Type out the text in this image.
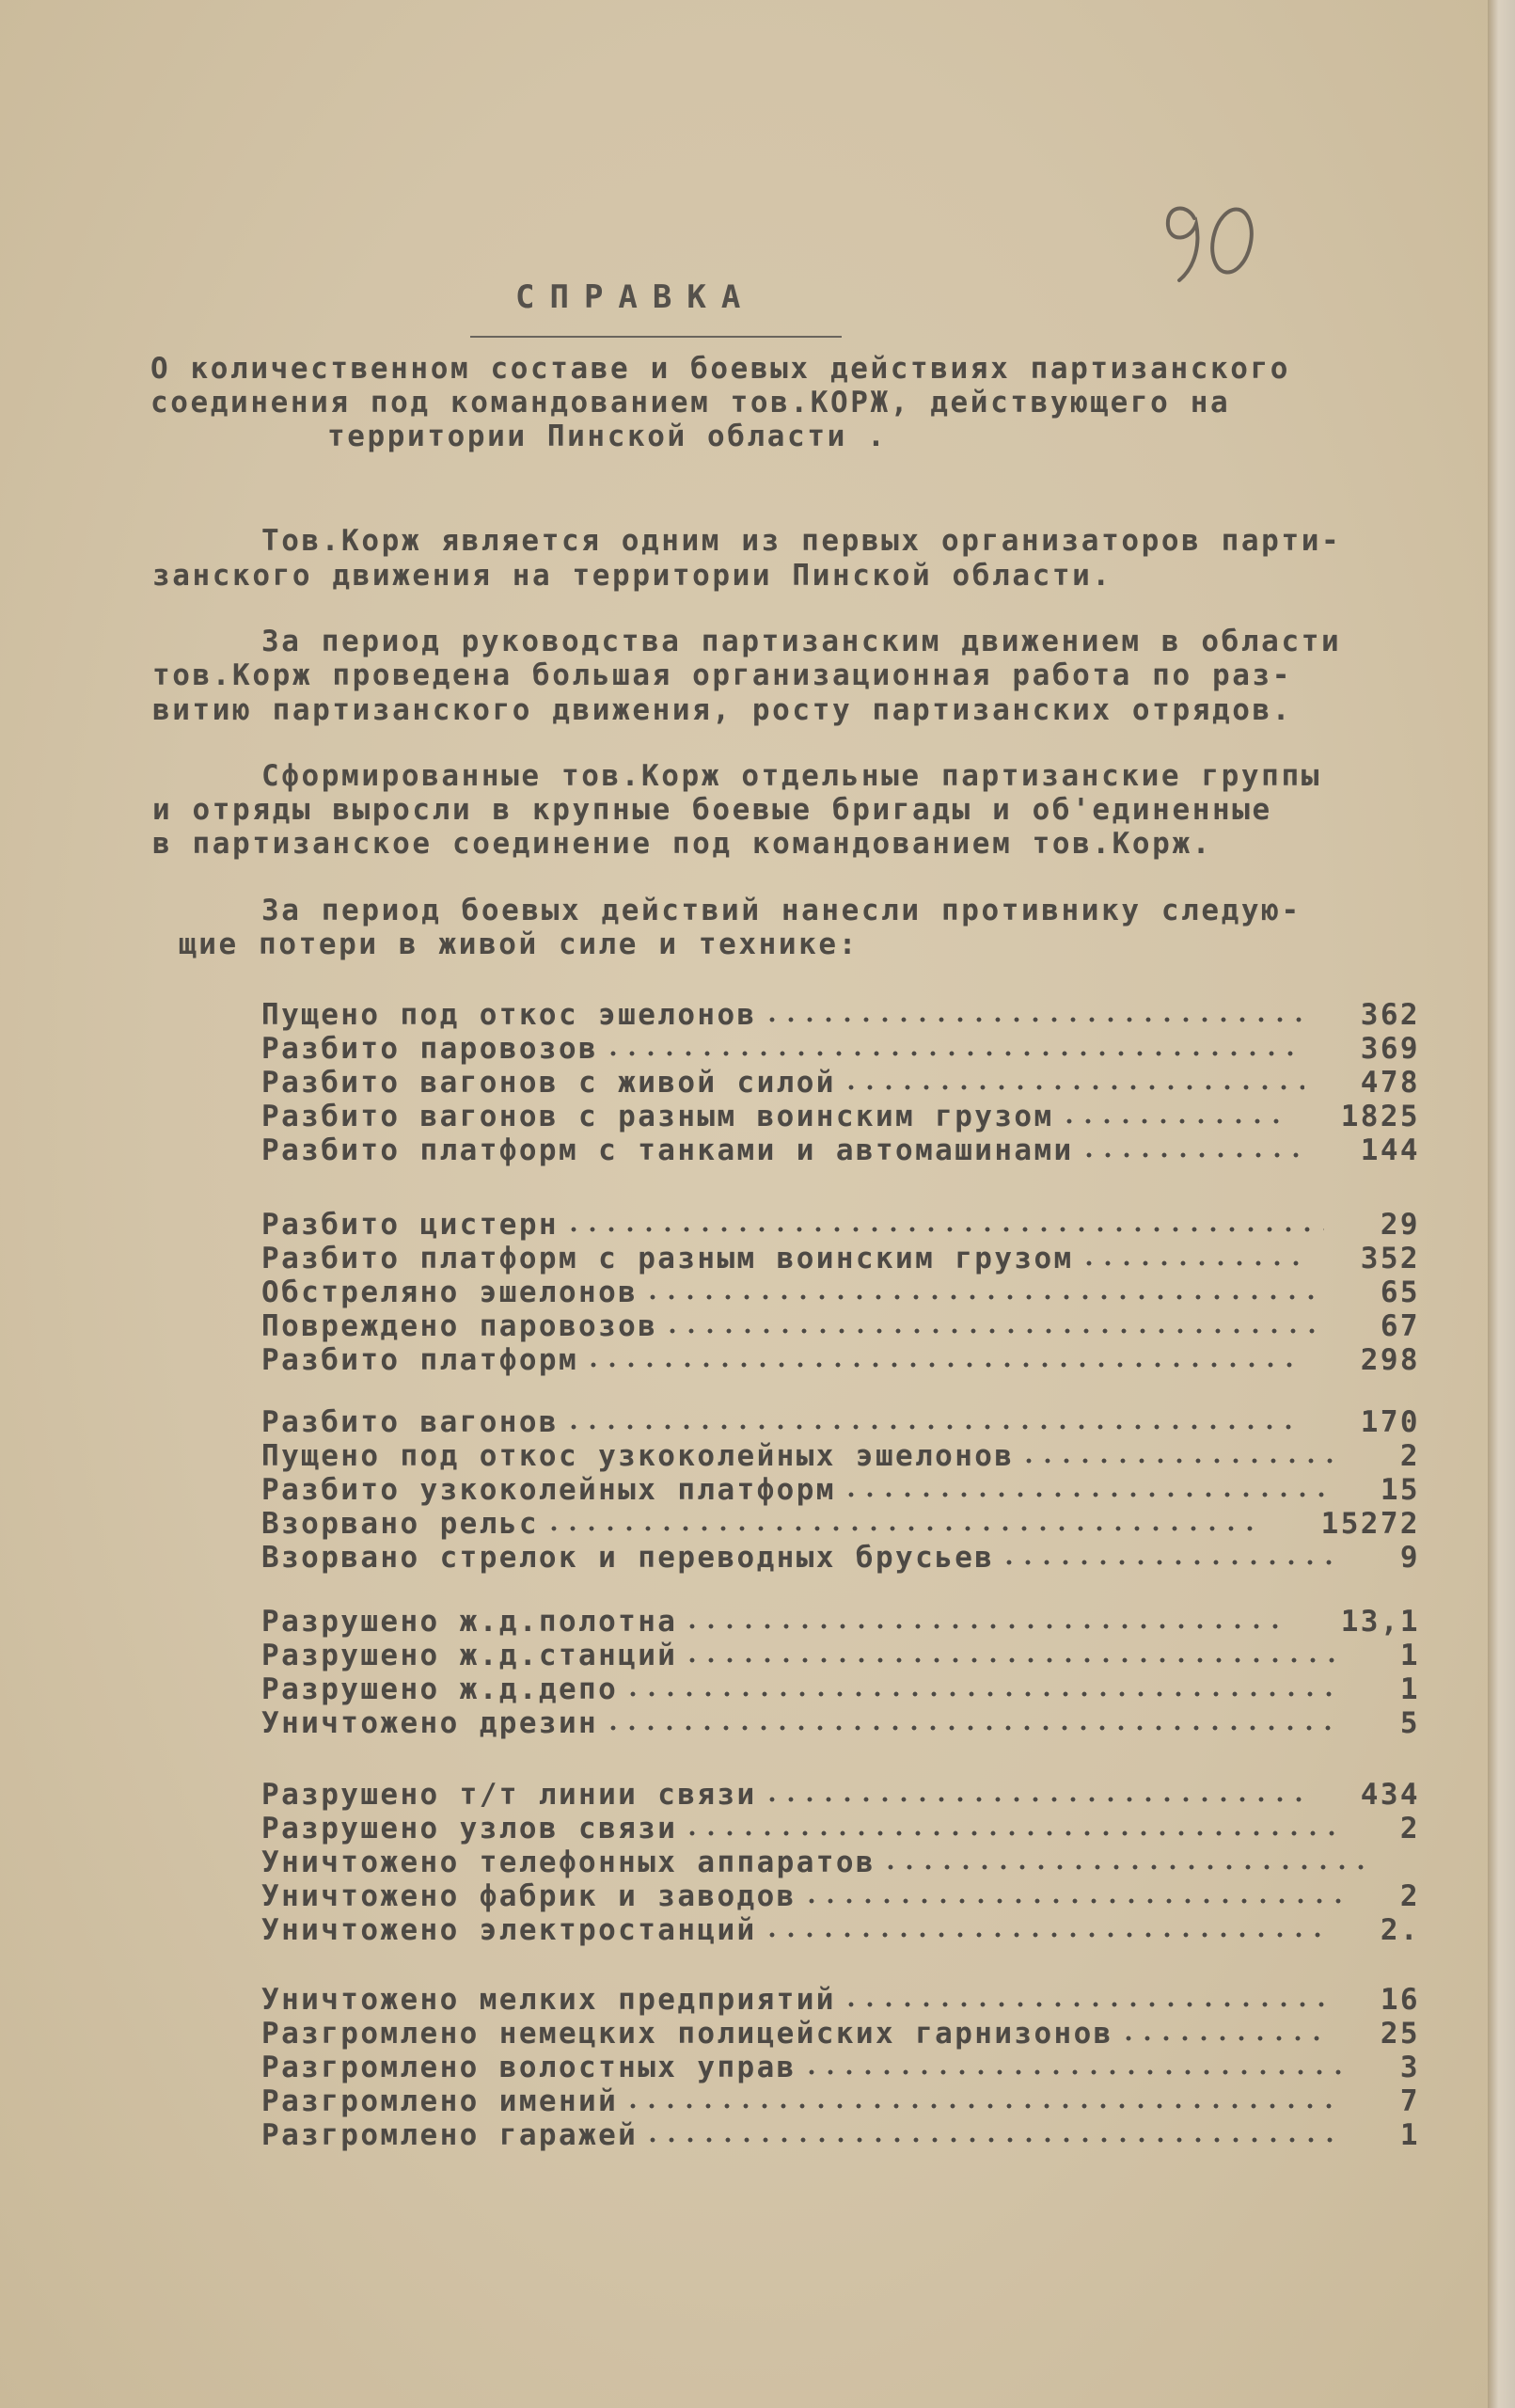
СПРАВКА
О количественном составе и боевых действиях партизанского
соединения под командованием тов.КОРЖ, действующего на
территории Пинской области .
Тов.Корж является одним из первых организаторов парти-
занского движения на территории Пинской области.
За период руководства партизанским движением в области
тов.Корж проведена большая организационная работа по раз-
витию партизанского движения, росту партизанских отрядов.
Сформированные тов.Корж отдельные партизанские группы
и отряды выросли в крупные боевые бригады и об'единенные
в партизанское соединение под командованием тов.Корж.
За период боевых действий нанесли противнику следую-
щие потери в живой силе и технике:
Пущено под откос эшелонов	362
Разбито паровозов	369
Разбито вагонов с живой силой	478
Разбито вагонов с разным воинским грузом	1825
Разбито платформ с танками и автомашинами	144
Разбито цистерн	29
Разбито платформ с разным воинским грузом	352
Обстреляно эшелонов	65
Повреждено паровозов	67
Разбито платформ	298
Разбито вагонов	170
Пущено под откос узкоколейных эшелонов	2
Разбито узкоколейных платформ	15
Взорвано рельс	15272
Взорвано стрелок и переводных брусьев	9
Разрушено ж.д.полотна	13,1
Разрушено ж.д.станций	1
Разрушено ж.д.депо	1
Уничтожено дрезин	5
Разрушено т/т линии связи	434
Разрушено узлов связи	2
Уничтожено телефонных аппаратов
Уничтожено фабрик и заводов	2
Уничтожено электростанций	2.
Уничтожено мелких предприятий	16
Разгромлено немецких полицейских гарнизонов	25
Разгромлено волостных управ	3
Разгромлено имений	7
Разгромлено гаражей	1
